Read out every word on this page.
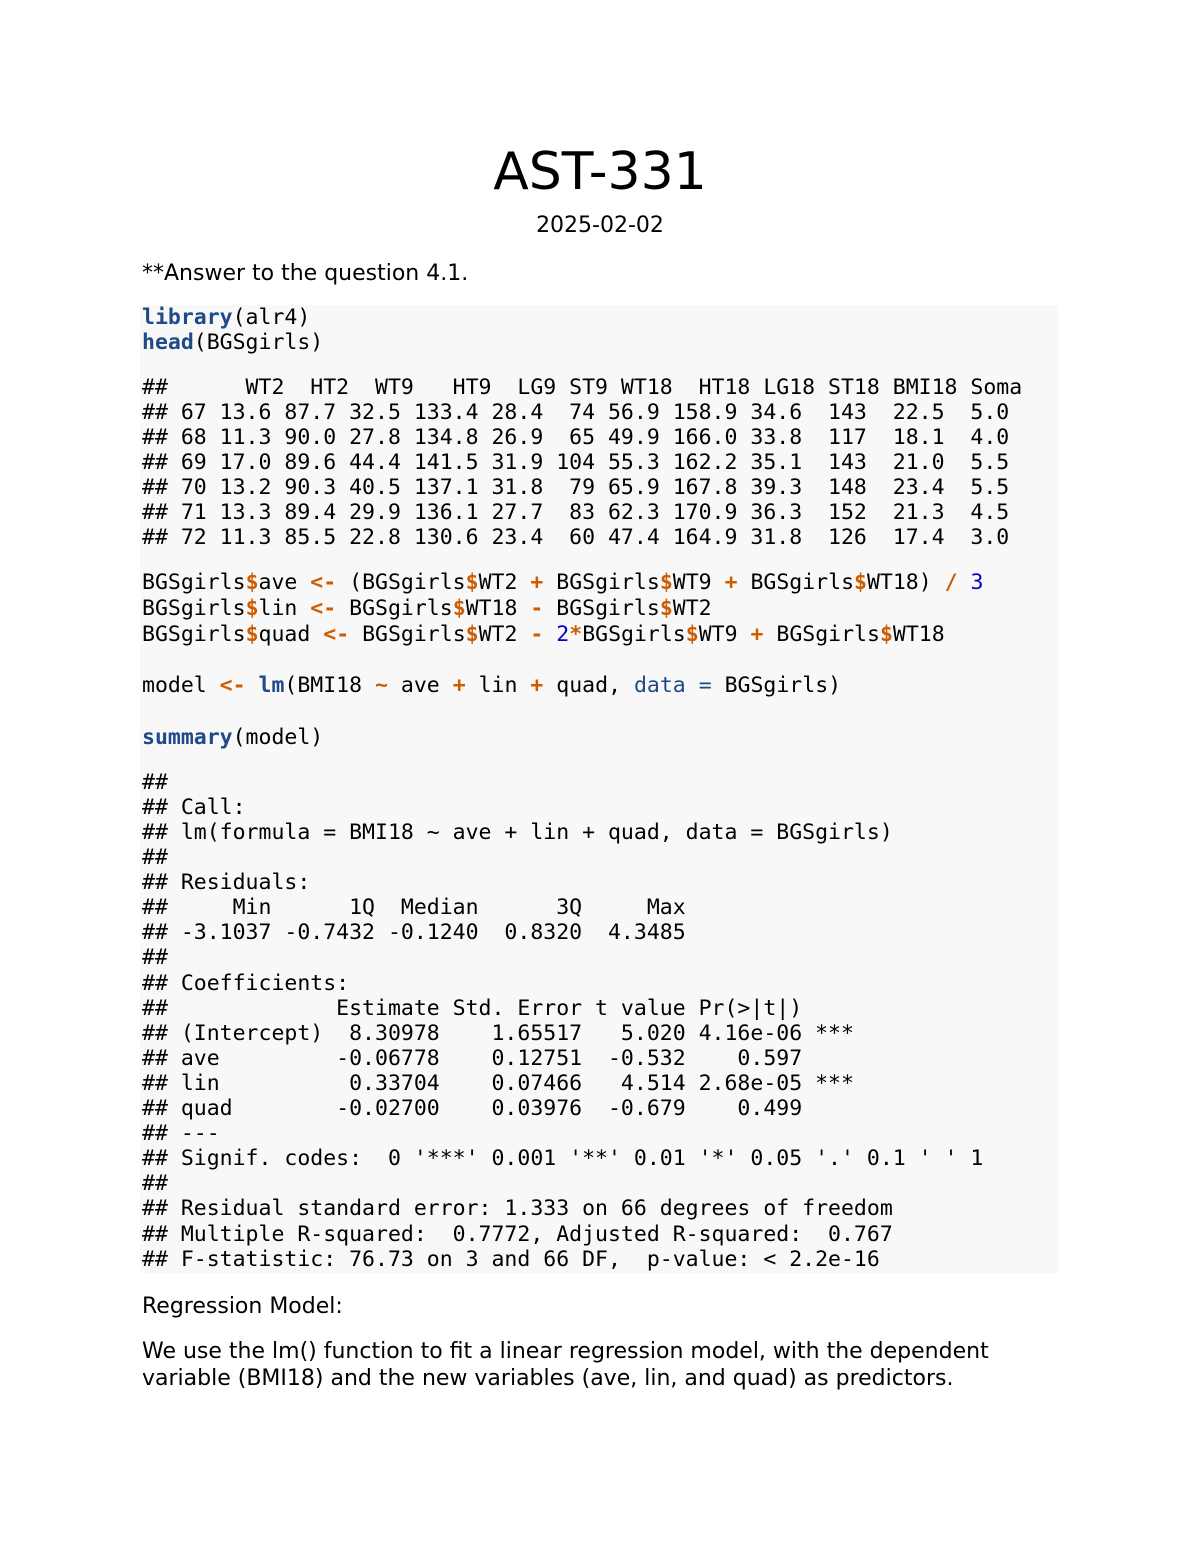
AST-331
2025-02-02

**Answer to the question 4.1.

library(alr4)
head(BGSgirls)
##      WT2  HT2  WT9   HT9  LG9 ST9 WT18  HT18 LG18 ST18 BMI18 Soma
## 67 13.6 87.7 32.5 133.4 28.4  74 56.9 158.9 34.6  143  22.5  5.0
## 68 11.3 90.0 27.8 134.8 26.9  65 49.9 166.0 33.8  117  18.1  4.0
## 69 17.0 89.6 44.4 141.5 31.9 104 55.3 162.2 35.1  143  21.0  5.5
## 70 13.2 90.3 40.5 137.1 31.8  79 65.9 167.8 39.3  148  23.4  5.5
## 71 13.3 89.4 29.9 136.1 27.7  83 62.3 170.9 36.3  152  21.3  4.5
## 72 11.3 85.5 22.8 130.6 23.4  60 47.4 164.9 31.8  126  17.4  3.0
BGSgirls$ave <- (BGSgirls$WT2 + BGSgirls$WT9 + BGSgirls$WT18) / 3
BGSgirls$lin <- BGSgirls$WT18 - BGSgirls$WT2
BGSgirls$quad <- BGSgirls$WT2 - 2*BGSgirls$WT9 + BGSgirls$WT18
model <- lm(BMI18 ~ ave + lin + quad, data = BGSgirls)
summary(model)
##
## Call:
## lm(formula = BMI18 ~ ave + lin + quad, data = BGSgirls)
##
## Residuals:
##     Min      1Q  Median      3Q     Max
## -3.1037 -0.7432 -0.1240  0.8320  4.3485
##
## Coefficients:
##             Estimate Std. Error t value Pr(>|t|)
## (Intercept)  8.30978    1.65517   5.020 4.16e-06 ***
## ave         -0.06778    0.12751  -0.532    0.597
## lin          0.33704    0.07466   4.514 2.68e-05 ***
## quad        -0.02700    0.03976  -0.679    0.499
## ---
## Signif. codes:  0 '***' 0.001 '**' 0.01 '*' 0.05 '.' 0.1 ' ' 1
##
## Residual standard error: 1.333 on 66 degrees of freedom
## Multiple R-squared:  0.7772, Adjusted R-squared:  0.767
## F-statistic: 76.73 on 3 and 66 DF,  p-value: < 2.2e-16

Regression Model:

We use the lm() function to fit a linear regression model, with the dependent variable (BMI18) and the new variables (ave, lin, and quad) as predictors.
